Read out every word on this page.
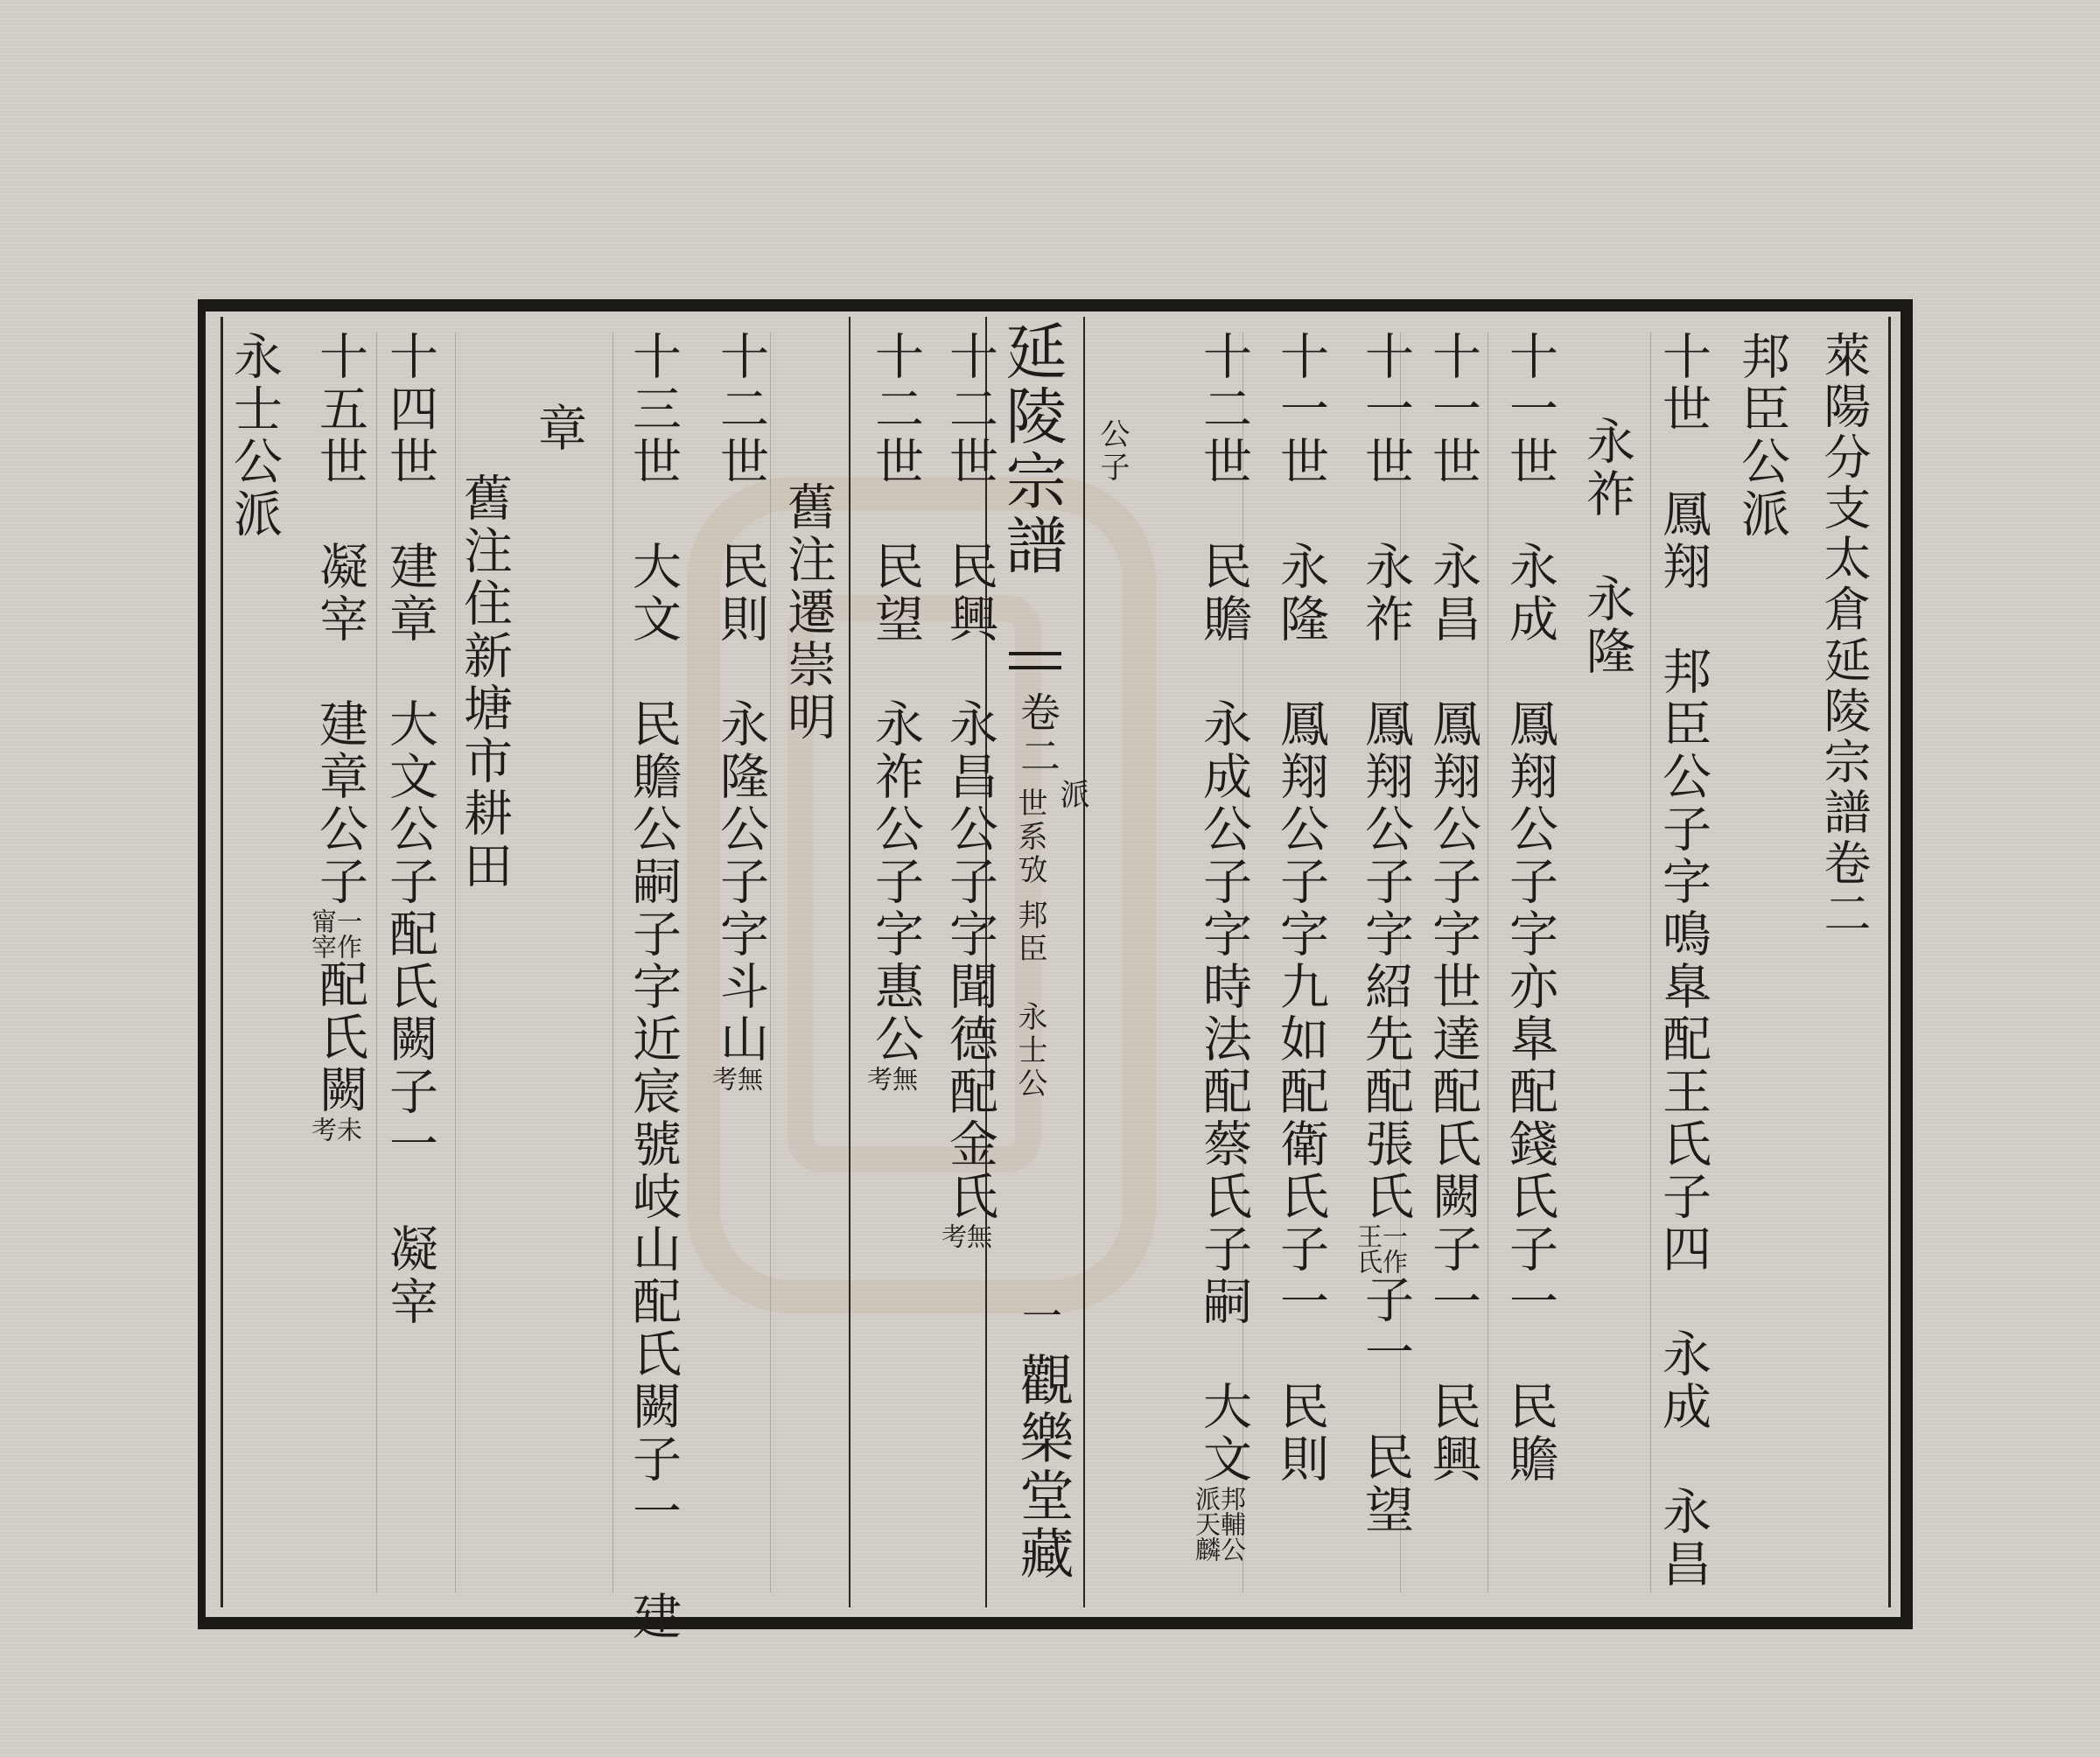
萊陽分支太倉延陵宗譜卷二
邦臣公派
十世鳳翔邦臣公子字鳴臯配王氏子四永成永昌
永祚　永隆
十一世永成鳳翔公子字亦臯配錢氏子一民贍
十一世永昌鳳翔公子字世達配氏闕子一民興
十一世永祚鳳翔公子字紹先配張氏
一作
王氏
子一民望
十一世永隆鳳翔公子字九如配衛氏子一民則
十二世民贍永成公子字時法配蔡氏子嗣大文
邦輔公
派天麟
公子
延陵宗譜
卷二
世系攷邦臣永士公
派
一
觀樂堂藏
十二世民興永昌公子字聞德配金氏
無
考
十二世民望永祚公子字惠公
無
考
舊注遷崇明
十二世民則永隆公子字斗山
無
考
十三世大文民贍公嗣子字近宸號岐山配氏闕子一建
章
舊注住新塘市耕田
十四世建章大文公子配氏闕子一凝宰
十五世凝宰建章公子
一作
甯宰
配氏闕
未
考
永士公派
